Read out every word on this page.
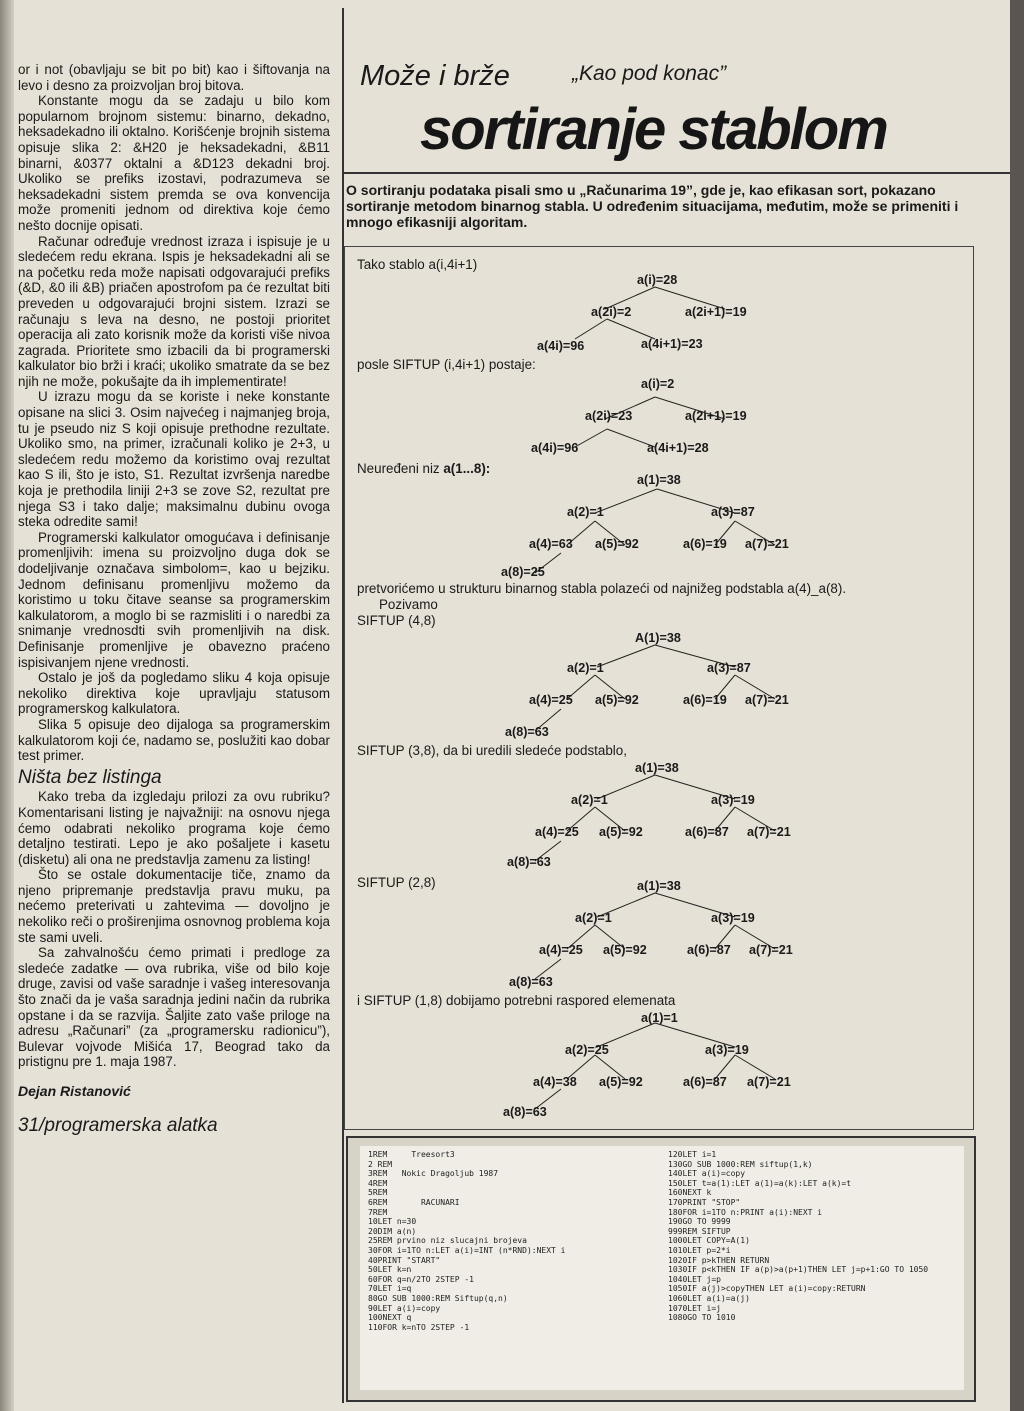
or i not (obavljaju se bit po bit) kao i šiftovanja na levo i desno za proizvoljan broj bitova.

Konstante mogu da se zadaju u bilo kom popularnom brojnom sistemu: binarno, dekadno, heksadekadno ili oktalno. Korišćenje brojnih sistema opisuje slika 2: &H20 je heksadekadni, &B11 binarni, &0377 oktalni a &D123 dekadni broj. Ukoliko se prefiks izostavi, podrazumeva se heksadekadni sistem premda se ova konvencija može promeniti jednom od direktiva koje ćemo nešto docnije opisati.

Računar određuje vrednost izraza i ispisuje je u sledećem redu ekrana. Ispis je heksadekadni ali se na početku reda može napisati odgovarajući prefiks (&D, &0 ili &B) priačen apostrofom pa će rezultat biti preveden u odgovarajući brojni sistem. Izrazi se računaju s leva na desno, ne postoji prioritet operacija ali zato korisnik može da koristi više nivoa zagrada. Prioritete smo izbacili da bi programerski kalkulator bio brži i kraći; ukoliko smatrate da se bez njih ne može, pokušajte da ih implementirate!

U izrazu mogu da se koriste i neke konstante opisane na slici 3. Osim najvećeg i najmanjeg broja, tu je pseudo niz S koji opisuje prethodne rezultate. Ukoliko smo, na primer, izračunali koliko je 2+3, u sledećem redu možemo da koristimo ovaj rezultat kao S ili, što je isto, S1. Rezultat izvršenja naredbe koja je prethodila liniji 2+3 se zove S2, rezultat pre njega S3 i tako dalje; maksimalnu dubinu ovoga steka odredite sami!

Programerski kalkulator omogućava i definisanje promenljivih: imena su proizvoljno duga dok se dodeljivanje označava simbolom=, kao u bejziku. Jednom definisanu promenljivu možemo da koristimo u toku čitave seanse sa programerskim kalkulatorom, a moglo bi se razmisliti i o naredbi za snimanje vrednosdti svih promenljivih na disk. Definisanje promenljive je obavezno praćeno ispisivanjem njene vrednosti.

Ostalo je još da pogledamo sliku 4 koja opisuje nekoliko direktiva koje upravljaju statusom programerskog kalkulatora.

Slika 5 opisuje deo dijaloga sa programerskim kalkulatorom koji će, nadamo se, poslužiti kao dobar test primer.

Ništa bez listinga

Kako treba da izgledaju prilozi za ovu rubriku? Komentarisani listing je najvažniji: na osnovu njega ćemo odabrati nekoliko programa koje ćemo detaljno testirati. Lepo je ako pošaljete i kasetu (disketu) ali ona ne predstavlja zamenu za listing!

Što se ostale dokumentacije tiče, znamo da njeno pripremanje predstavlja pravu muku, pa nećemo preterivati u zahtevima — dovoljno je nekoliko reči o proširenjima osnovnog problema koja ste sami uveli.

Sa zahvalnošću ćemo primati i predloge za sledeće zadatke — ova rubrika, više od bilo koje druge, zavisi od vaše saradnje i vašeg interesovanja što znači da je vaša saradnja jedini način da rubrika opstane i da se razvija. Šaljite zato vaše priloge na adresu „Računari” (za „programersku radionicu”), Bulevar vojvode Mišića 17, Beograd tako da pristignu pre 1. maja 1987.

Dejan Ristanović
31/programerska alatka
Može i brže	„Kao pod konac”
sortiranje stablom
O sortiranju podataka pisali smo u „Računarima 19”, gde je, kao efikasan sort, pokazano sortiranje metodom binarnog stabla. U određenim situacijama, međutim, može se primeniti i mnogo efikasniji algoritam.
Tako stablo a(i,4i+1)
a(i)=28
a(2i)=2	a(2i+1)=19
a(4i)=96	a(4i+1)=23
posle SIFTUP (i,4i+1) postaje:
a(i)=2
a(2i)=23	a(2i+1)=19
a(4i)=96	a(4i+1)=28
Neuređeni niz a(1...8):
a(1)=38
a(2)=1	a(3)=87
a(4)=63 a(5)=92	a(6)=19 a(7)=21
a(8)=25
pretvorićemo u strukturu binarnog stabla polazeći od najnižeg podstabla a(4)_a(8).
Pozivamo
SIFTUP (4,8)
A(1)=38
a(2)=1	a(3)=87
a(4)=25 a(5)=92	a(6)=19 a(7)=21
a(8)=63
SIFTUP (3,8), da bi uredili sledeće podstablo,
a(1)=38
a(2)=1	a(3)=19
a(4)=25 a(5)=92	a(6)=87 a(7)=21
a(8)=63
SIFTUP (2,8)	a(1)=38
a(2)=1	a(3)=19
a(4)=25 a(5)=92	a(6)=87 a(7)=21
a(8)=63
i SIFTUP (1,8) dobijamo potrebni raspored elemenata
a(1)=1
a(2)=25	a(3)=19
a(4)=38 a(5)=92	a(6)=87 a(7)=21
a(8)=63
1REM     Treesort3
2 REM
3REM   Nokic Dragoljub 1987
4REM
5REM
6REM       RACUNARI
7REM
10LET n=30
20DIM a(n)
25REM prvino niz slucajni brojeva
30FOR i=1TO n:LET a(i)=INT (n*RND):NEXT i
40PRINT "START"
50LET k=n
60FOR q=n/2TO 2STEP -1
70LET i=q
80GO SUB 1000:REM Siftup(q,n)
90LET a(i)=copy
100NEXT q
110FOR k=nTO 2STEP -1
120LET i=1
130GO SUB 1000:REM siftup(1,k)
140LET a(i)=copy
150LET t=a(1):LET a(1)=a(k):LET a(k)=t
160NEXT k
170PRINT "STOP"
180FOR i=1TO n:PRINT a(i):NEXT i
190GO TO 9999
999REM SIFTUP
1000LET COPY=A(1)
1010LET p=2*i
1020IF p>kTHEN RETURN
1030IF p<kTHEN IF a(p)>a(p+1)THEN LET j=p+1:GO TO 1050
1040LET j=p
1050IF a(j)>copyTHEN LET a(i)=copy:RETURN
1060LET a(i)=a(j)
1070LET i=j
1080GO TO 1010
